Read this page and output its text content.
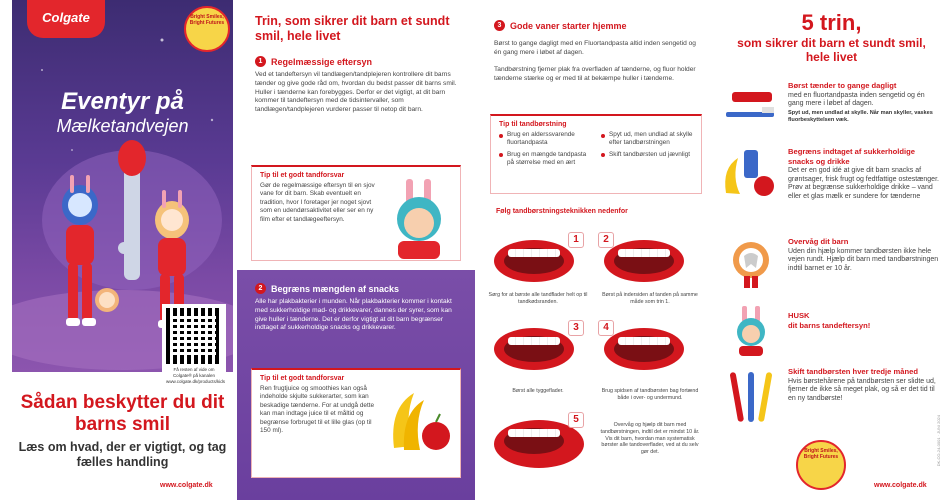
Colgate	Bright Smiles, Bright Futures
Eventyr på
Mælketandvejen
Få resten af vide om Colgate® på kanalen www.colgate.dk/products/kids
Sådan beskytter du dit barns smil
Læs om hvad, der er vigtigt, og tag fælles handling
www.colgate.dk
Trin, som sikrer dit barn et sundt smil, hele livet
1 Regelmæssige eftersyn
Ved et tandeftersyn vil tandlægen/tandplejeren kontrollere dit barns tænder og give gode råd om, hvordan du bedst passer dit barns smil. Huller i tænderne kan forebygges. Derfor er det vigtigt, at dit barn kommer til tandeftersyn med de tidsintervaller, som tandlægen/tandplejeren vurderer passer til netop dit barn.
Tip til et godt tandforsvar
Gør de regelmæssige eftersyn til en sjov vane for dit barn. Skab eventuelt en tradition, hvor I foretager jer noget sjovt som en udendørsaktivitet eller ser en ny film efter et tandlægeeftersyn.
2 Begræns mængden af snacks
Alle har plakbakterier i munden. Når plakbakterier kommer i kontakt med sukkerholdige mad- og drikkevarer, dannes der syrer, som kan give huller i tænderne. Det er derfor vigtigt at dit barn begrænser indtaget af sukkerholdige snacks og drikkevarer.
Tip til et godt tandforsvar
Ren frugtjuice og smoothies kan også indeholde skjulte sukkerarter, som kan beskadige tænderne. For at undgå dette kan man indtage juice til et måltid og begrænse forbruget til et lille glas (op til 150 ml).
3 Gode vaner starter hjemme
Børst to gange dagligt med en Fluortandpasta altid inden sengetid og én gang mere i løbet af dagen.
Tandbørstning fjerner plak fra overfladen af tænderne, og fluor holder tænderne stærke og er med til at bekæmpe huller i tænderne.
Tip til tandbørstning
Brug en alderssvarende fluortandpasta
Brug en mængde tandpasta på størrelse med en ært
Spyt ud, men undlad at skylle efter tandbørstningen
Skift tandbørsten ud jævnligt
Følg tandbørstningsteknikken nedenfor
1
Sørg for at børste alle tandflader helt op til tandkødsranden.
2
Børst på indersiden af tanden på samme måde som trin 1.
3
Børst alle tyggeflader.
4
Brug spidsen af tandbørsten bag fortænd både i over- og undermund.
5	Overvåg og hjælp dit barn med tandbørstningen, indtil det er mindst 10 år. Vis dit barn, hvordan man systematisk børster alle tandoverflader, ved at du selv gør det.
5 trin,
som sikrer dit barn et sundt smil, hele livet
Børst tænder to gange dagligt
med en fluortandpasta inden sengetid og én gang mere i løbet af dagen.
Spyt ud, men undlad at skylle. Når man skyller, vaskes fluorbeskyttelsen væk.
Begræns indtaget af sukkerholdige snacks og drikke
Det er en god idé at give dit barn snacks af grøntsager, frisk frugt og fedtfattige ostestænger. Prøv at begrænse sukkerholdige drikke – vand eller et glas mælk er sundere for tænderne
Overvåg dit barn
Uden din hjælp kommer tandbørsten ikke hele vejen rundt. Hjælp dit barn med tandbørstningen indtil barnet er 10 år.
HUSK
dit barns tandeftersyn!
Skift tandbørsten hver tredje måned
Hvis børstehårene på tandbørsten ser slidte ud, fjerner de ikke så meget plak, og så er det tid til en ny tandbørste!
Bright Smiles, Bright Futures
www.colgate.dk
DK-CO-24-0001 · JUNI 2024
